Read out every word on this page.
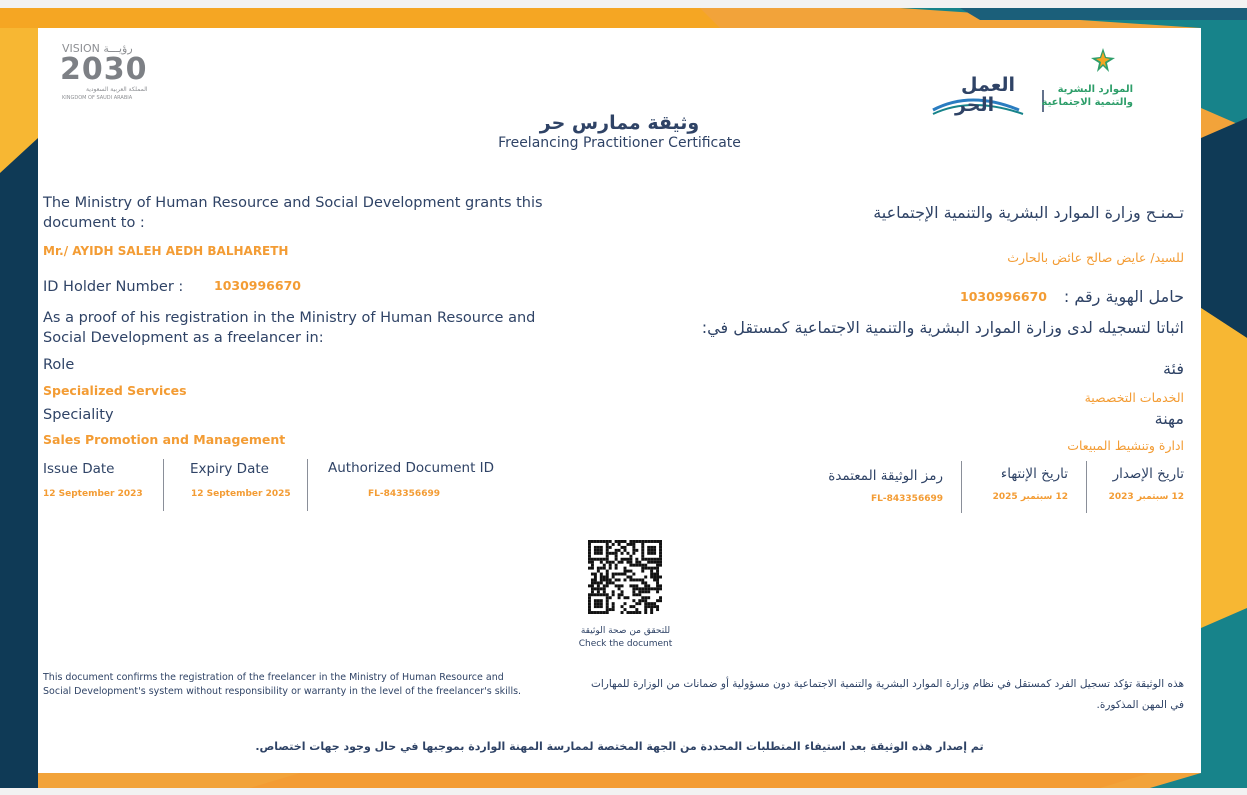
VISION رؤيـــة
2030
المملكة العربية السعودية
KINGDOM OF SAUDI ARABIA
الموارد البشرية
والتنمية الاجتماعية
العمل
الحر
وثيقة ممارس حر
Freelancing Practitioner Certificate
The Ministry of Human Resource and Social Development grants this
document to :
Mr./ AYIDH SALEH AEDH BALHARETH
ID Holder Number : 1030996670
As a proof of his registration in the Ministry of Human Resource and
Social Development as a freelancer in:
Role
Specialized Services
Speciality
Sales Promotion and Management
Issue Date
12 September 2023
Expiry Date
12 September 2025
Authorized Document ID
FL-843356699
تـمنـح وزارة الموارد البشرية والتنمية الإجتماعية
للسيد/ عايض صالح عائض بالحارث
حامل الهوية رقم :
1030996670
اثباتا لتسجيله لدى وزارة الموارد البشرية والتنمية الاجتماعية كمستقل في:
فئة
الخدمات التخصصية
مهنة
ادارة وتنشيط المبيعات
تاريخ الإصدار
12 سبتمبر 2023
تاريخ الإنتهاء
12 سبتمبر 2025
رمز الوثيقة المعتمدة
FL-843356699
للتحقق من صحة الوثيقة
Check the document
This document confirms the registration of the freelancer in the Ministry of Human Resource and Social Development's system without responsibility or warranty in the level of the freelancer's skills.
هذه الوثيقة تؤكد تسجيل الفرد كمستقل في نظام وزارة الموارد البشرية والتنمية الاجتماعية دون مسؤولية أو ضمانات من الوزارة للمهارات في المهن المذكورة.
تم إصدار هذه الوثيقة بعد استيفاء المتطلبات المحددة من الجهة المختصة لممارسة المهنة الواردة بموجبها في حال وجود جهات اختصاص.
